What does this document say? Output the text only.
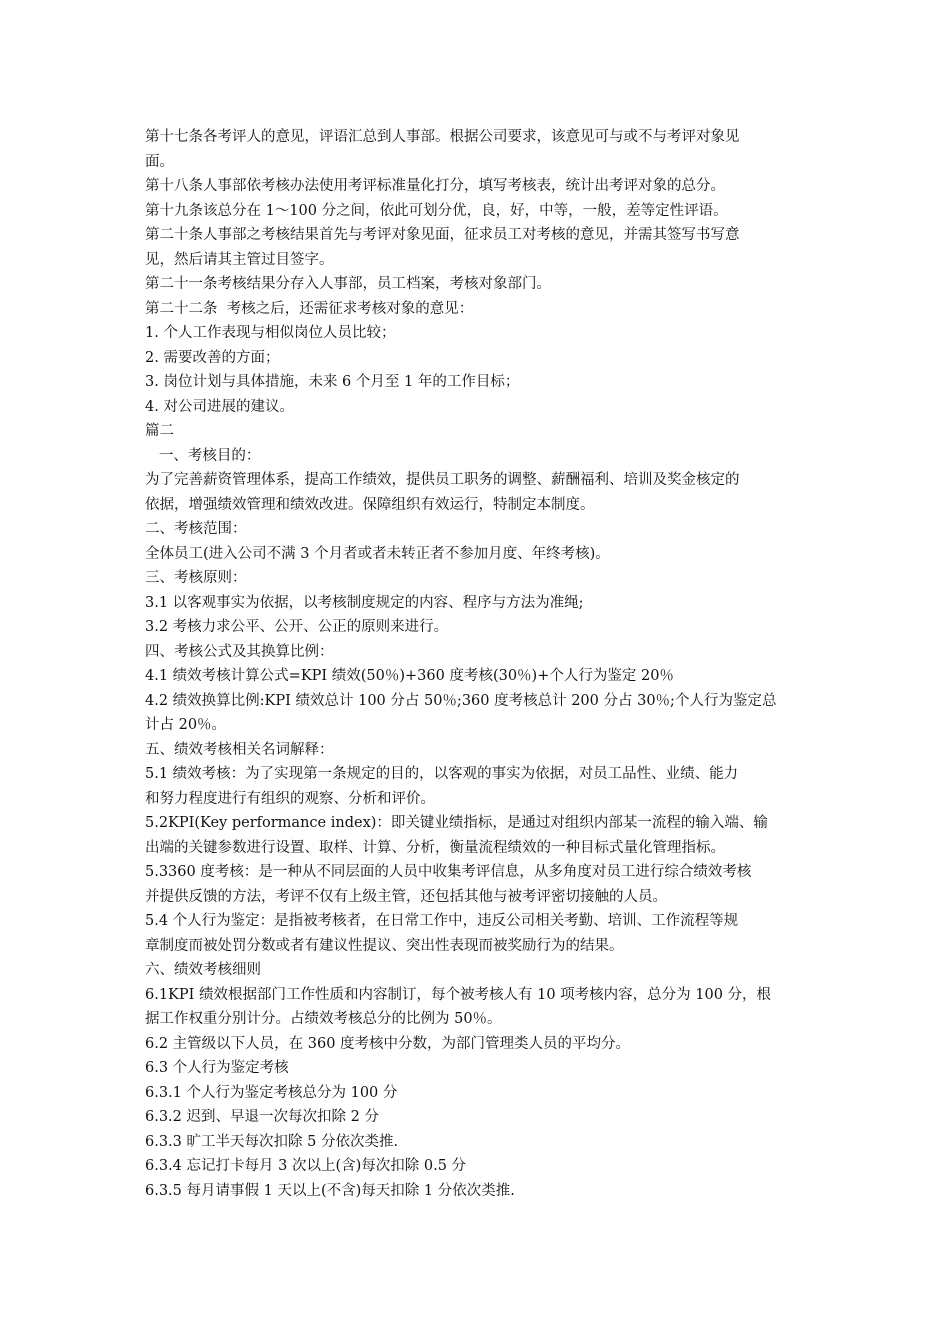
第十七条各考评人的意见，评语汇总到人事部。根据公司要求，该意见可与或不与考评对象见

面。

第十八条人事部依考核办法使用考评标准量化打分，填写考核表，统计出考评对象的总分。

第十九条该总分在 1～100 分之间，依此可划分优，良，好，中等，一般，差等定性评语。

第二十条人事部之考核结果首先与考评对象见面，征求员工对考核的意见，并需其签写书写意

见，然后请其主管过目签字。

第二十一条考核结果分存入人事部，员工档案，考核对象部门。

第二十二条  考核之后，还需征求考核对象的意见：

1. 个人工作表现与相似岗位人员比较；

2. 需要改善的方面；

3. 岗位计划与具体措施，未来 6 个月至 1 年的工作目标；

4. 对公司进展的建议。

篇二

一、考核目的：

为了完善薪资管理体系，提高工作绩效，提供员工职务的调整、薪酬福利、培训及奖金核定的

依据，增强绩效管理和绩效改进。保障组织有效运行，特制定本制度。

二、考核范围：

全体员工(进入公司不满 3 个月者或者未转正者不参加月度、年终考核)。

三、考核原则：

3.1 以客观事实为依据，以考核制度规定的内容、程序与方法为准绳;

3.2 考核力求公平、公开、公正的原则来进行。

四、考核公式及其换算比例：

4.1 绩效考核计算公式=KPI 绩效(50％)+360 度考核(30％)+个人行为鉴定 20％

4.2 绩效换算比例:KPI 绩效总计 100 分占 50％;360 度考核总计 200 分占 30％;个人行为鉴定总

计占 20％。

五、绩效考核相关名词解释：

5.1 绩效考核：为了实现第一条规定的目的，以客观的事实为依据，对员工品性、业绩、能力

和努力程度进行有组织的观察、分析和评价。

5.2KPI(Key performance index)：即关键业绩指标，是通过对组织内部某一流程的输入端、输

出端的关键参数进行设置、取样、计算、分析，衡量流程绩效的一种目标式量化管理指标。

5.3360 度考核：是一种从不同层面的人员中收集考评信息，从多角度对员工进行综合绩效考核

并提供反馈的方法，考评不仅有上级主管，还包括其他与被考评密切接触的人员。

5.4 个人行为鉴定：是指被考核者，在日常工作中，违反公司相关考勤、培训、工作流程等规

章制度而被处罚分数或者有建议性提议、突出性表现而被奖励行为的结果。

六、绩效考核细则

6.1KPI 绩效根据部门工作性质和内容制订，每个被考核人有 10 项考核内容，总分为 100 分，根

据工作权重分别计分。占绩效考核总分的比例为 50％。

6.2 主管级以下人员，在 360 度考核中分数，为部门管理类人员的平均分。

6.3 个人行为鉴定考核

6.3.1 个人行为鉴定考核总分为 100 分

6.3.2 迟到、早退一次每次扣除 2 分

6.3.3 旷工半天每次扣除 5 分依次类推.

6.3.4 忘记打卡每月 3 次以上(含)每次扣除 0.5 分

6.3.5 每月请事假 1 天以上(不含)每天扣除 1 分依次类推.
